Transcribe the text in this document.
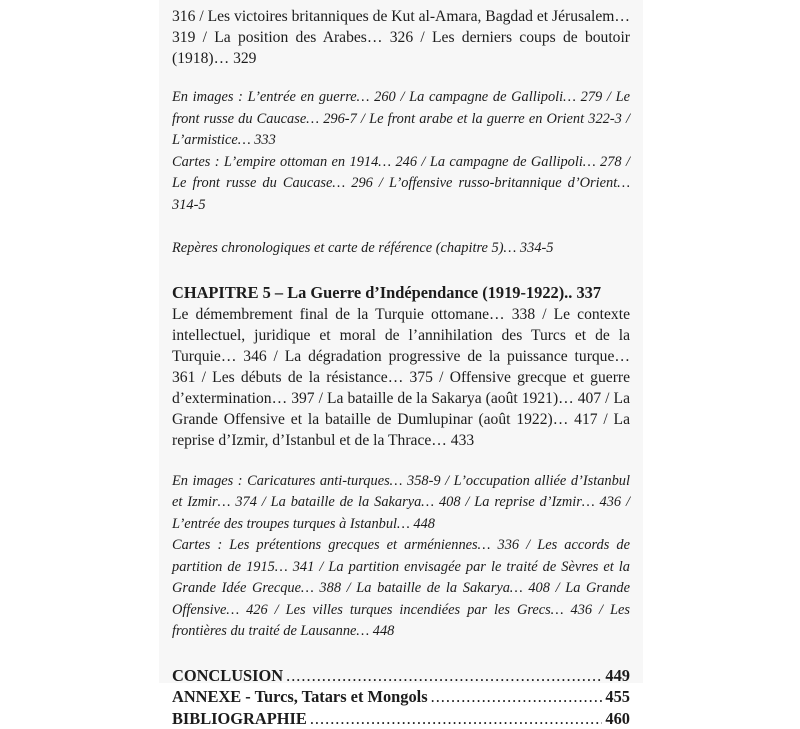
316 / Les victoires britanniques de Kut al-Amara, Bagdad et Jérusalem… 319 / La position des Arabes… 326 / Les derniers coups de boutoir (1918)… 329

En images : L’entrée en guerre… 260 / La campagne de Gallipoli… 279 / Le front russe du Caucase… 296-7 / Le front arabe et la guerre en Orient 322-3 / L’armistice… 333

Cartes : L’empire ottoman en 1914… 246 / La campagne de Gallipoli… 278 / Le front russe du Caucase… 296 / L’offensive russo-britannique d’Orient… 314-5

Repères chronologiques et carte de référence (chapitre 5)… 334-5

CHAPITRE 5 – La Guerre d’Indépendance (1919-1922).. 337

Le démembrement final de la Turquie ottomane… 338 / Le contexte intellectuel, juridique et moral de l’annihilation des Turcs et de la Turquie… 346 / La dégradation progressive de la puissance turque… 361 / Les débuts de la résistance… 375 / Offensive grecque et guerre d’extermination… 397 / La bataille de la Sakarya (août 1921)… 407 / La Grande Offensive et la bataille de Dumlupinar (août 1922)… 417 / La reprise d’Izmir, d’Istanbul et de la Thrace… 433

En images : Caricatures anti-turques… 358-9 / L’occupation alliée d’Istanbul et Izmir… 374 / La bataille de la Sakarya… 408 / La reprise d’Izmir… 436 / L’entrée des troupes turques à Istanbul… 448

Cartes : Les prétentions grecques et arméniennes… 336 / Les accords de partition de 1915… 341 / La partition envisagée par le traité de Sèvres et la Grande Idée Grecque… 388 / La bataille de la Sakarya… 408 / La Grande Offensive… 426 / Les villes turques incendiées par les Grecs… 436 / Les frontières du traité de Lausanne… 448

CONCLUSION .....	449
ANNEXE - Turcs, Tatars et Mongols .....	455
BIBLIOGRAPHIE .....	460
